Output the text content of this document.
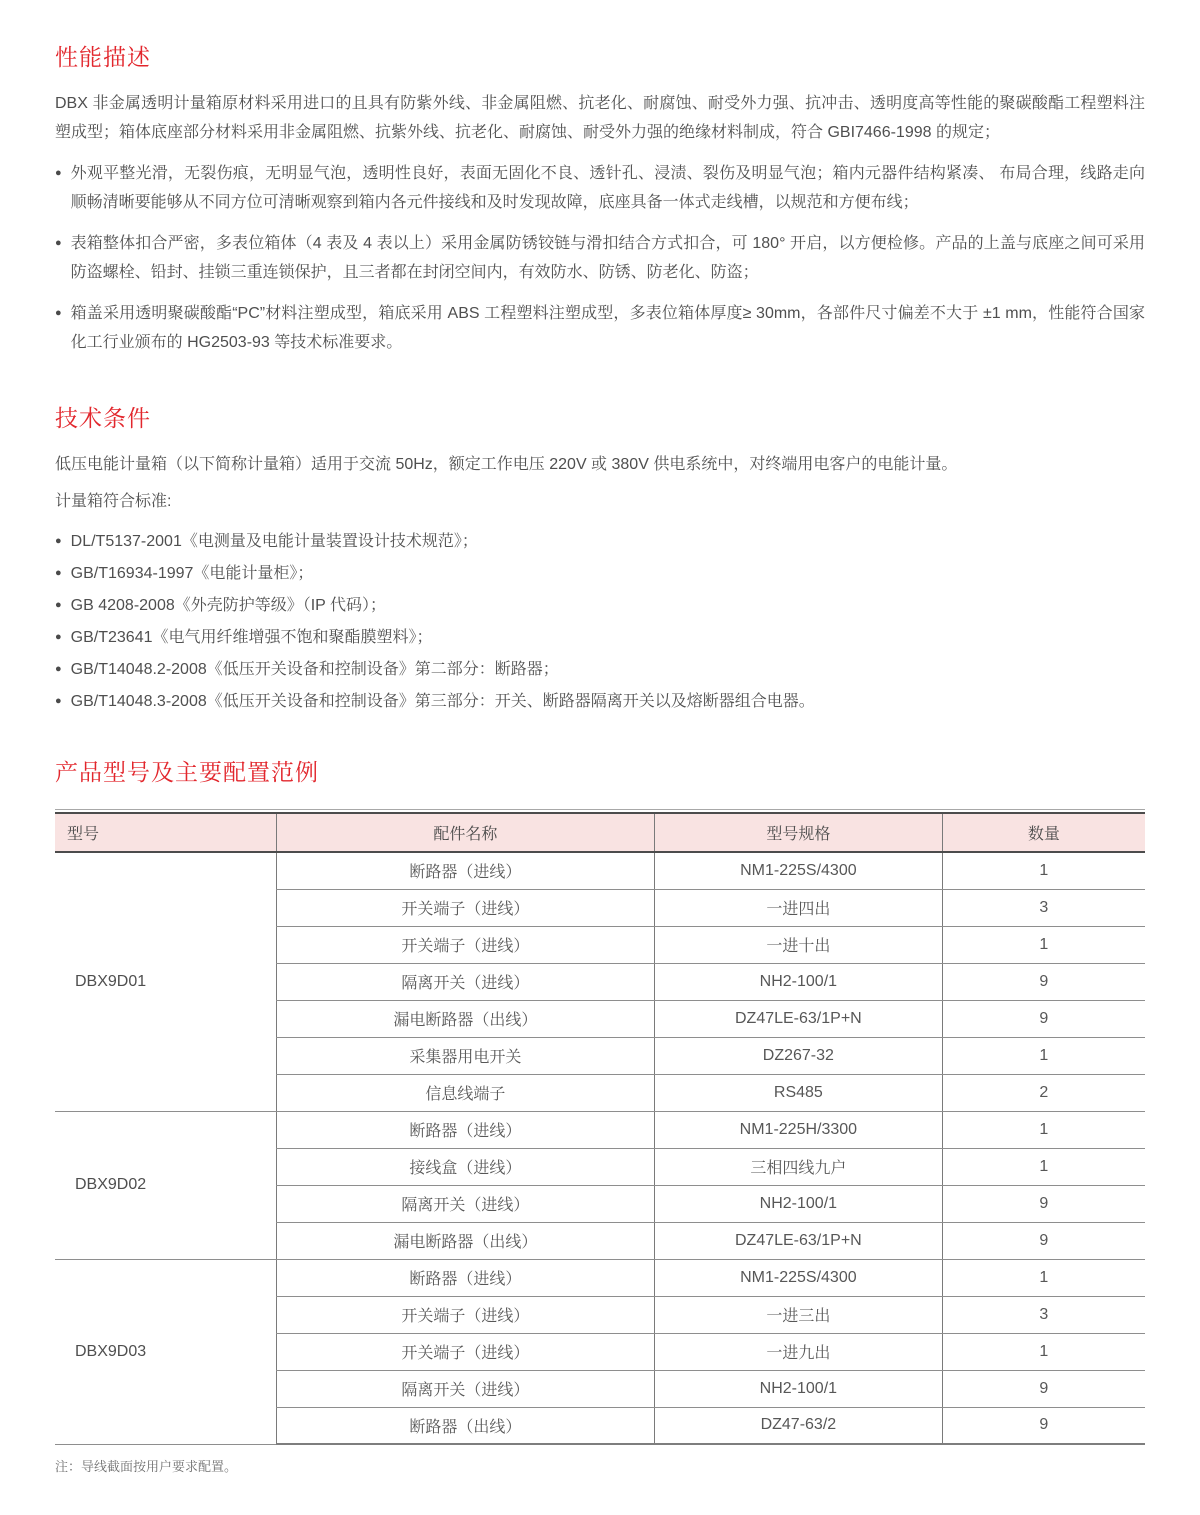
性能描述

DBX 非金属透明计量箱原材料采用进口的且具有防紫外线、非金属阻燃、抗老化、耐腐蚀、耐受外力强、抗冲击、透明度高等性能的聚碳酸酯工程塑料注塑成型；箱体底座部分材料采用非金属阻燃、抗紫外线、抗老化、耐腐蚀、耐受外力强的绝缘材料制成，符合 GBI7466-1998 的规定；

● 外观平整光滑，无裂伤痕，无明显气泡，透明性良好，表面无固化不良、透针孔、浸渍、裂伤及明显气泡；箱内元器件结构紧凑、 布局合理，线路走向顺畅清晰要能够从不同方位可清晰观察到箱内各元件接线和及时发现故障，底座具备一体式走线槽，以规范和方便布线；
● 表箱整体扣合严密，多表位箱体（4 表及 4 表以上）采用金属防锈铰链与滑扣结合方式扣合，可 180° 开启，以方便检修。产品的上盖与底座之间可采用防盗螺栓、铅封、挂锁三重连锁保护，且三者都在封闭空间内，有效防水、防锈、防老化、防盗；
● 箱盖采用透明聚碳酸酯“PC”材料注塑成型，箱底采用 ABS 工程塑料注塑成型，多表位箱体厚度≥ 30mm，各部件尺寸偏差不大于 ±1 mm，性能符合国家化工行业颁布的 HG2503-93 等技术标准要求。
技术条件

低压电能计量箱（以下简称计量箱）适用于交流 50Hz，额定工作电压 220V 或 380V 供电系统中，对终端用电客户的电能计量。

计量箱符合标准:

● DL/T5137-2001《电测量及电能计量装置设计技术规范》；
● GB/T16934-1997《电能计量柜》；
● GB 4208-2008《外壳防护等级》（IP 代码）；
● GB/T23641《电气用纤维增强不饱和聚酯膜塑料》；
● GB/T14048.2-2008《低压开关设备和控制设备》第二部分：断路器；
● GB/T14048.3-2008《低压开关设备和控制设备》第三部分：开关、断路器隔离开关以及熔断器组合电器。
产品型号及主要配置范例
型号	配件名称	型号规格	数量
DBX9D01	断路器（进线）	NM1-225S/4300	1
	开关端子（进线）	一进四出	3
	开关端子（进线）	一进十出	1
	隔离开关（进线）	NH2-100/1	9
	漏电断路器（出线）	DZ47LE-63/1P+N	9
	采集器用电开关	DZ267-32	1
	信息线端子	RS485	2
DBX9D02	断路器（进线）	NM1-225H/3300	1
	接线盒（进线）	三相四线九户	1
	隔离开关（进线）	NH2-100/1	9
	漏电断路器（出线）	DZ47LE-63/1P+N	9
DBX9D03	断路器（进线）	NM1-225S/4300	1
	开关端子（进线）	一进三出	3
	开关端子（进线）	一进九出	1
	隔离开关（进线）	NH2-100/1	9
	断路器（出线）	DZ47-63/2	9

注：导线截面按用户要求配置。
